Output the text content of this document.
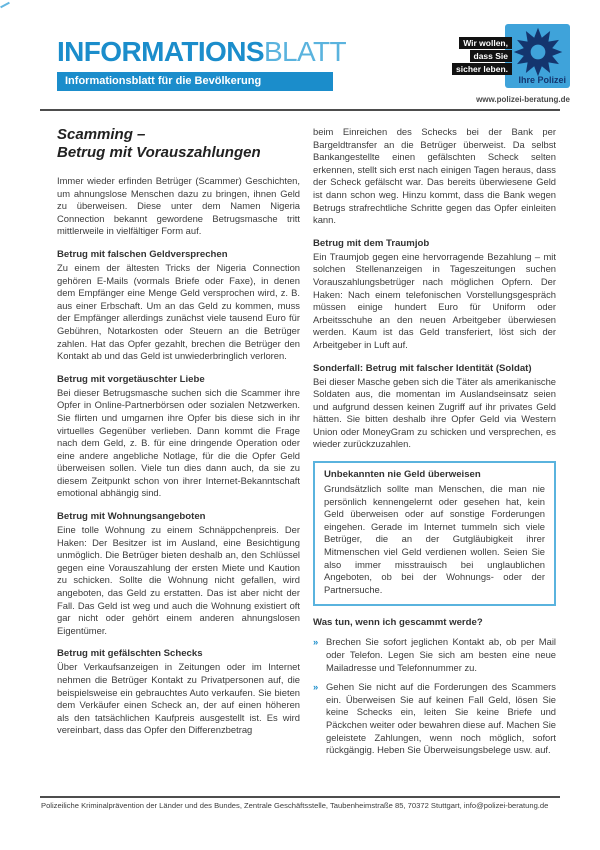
INFORMATIONSBLATT
Informationsblatt für die Bevölkerung	Ihre Polizei
Wir wollen,
dass Sie
sicher leben.
www.polizei-beratung.de
Scamming –
Betrug mit Vorauszahlungen

Immer wieder erfinden Betrüger (Scammer) Geschichten, um ahnungslose Menschen dazu zu bringen, ihnen Geld zu überweisen. Diese unter dem Namen Nigeria Connection bekannt gewordene Betrugsmasche tritt mittlerweile in vielfältiger Form auf.

Betrug mit falschen Geldversprechen

Zu einem der ältesten Tricks der Nigeria Connection gehören E-Mails (vormals Briefe oder Faxe), in denen dem Empfänger eine Menge Geld versprochen wird, z. B. aus einer Erbschaft. Um an das Geld zu kommen, muss der Empfänger allerdings zunächst viele tausend Euro für Gebühren, Notarkosten oder Steuern an die Betrüger zahlen. Hat das Opfer gezahlt, brechen die Betrüger den Kontakt ab und das Geld ist unwiederbringlich verloren.

Betrug mit vorgetäuschter Liebe

Bei dieser Betrugsmasche suchen sich die Scammer ihre Opfer in Online-Partnerbörsen oder sozialen Netzwerken. Sie flirten und umgarnen ihre Opfer bis diese sich in ihr virtuelles Gegenüber verlieben. Dann kommt die Frage nach dem Geld, z. B. für eine dringende Operation oder eine andere angebliche Notlage, für die die Opfer Geld überweisen sollen. Viele tun dies dann auch, da sie zu diesem Zeitpunkt schon von ihrer Internet-Bekanntschaft emotional abhängig sind.

Betrug mit Wohnungsangeboten

Eine tolle Wohnung zu einem Schnäppchenpreis. Der Haken: Der Besitzer ist im Ausland, eine Besichtigung unmöglich. Die Betrüger bieten deshalb an, den Schlüssel gegen eine Vorauszahlung der ersten Miete und Kaution zu schicken. Sollte die Wohnung nicht gefallen, wird angeboten, das Geld zu erstatten. Das ist aber nicht der Fall. Das Geld ist weg und auch die Wohnung existiert oft gar nicht oder gehört einem anderen ahnungslosen Eigentümer.

Betrug mit gefälschten Schecks

Über Verkaufsanzeigen in Zeitungen oder im Internet nehmen die Betrüger Kontakt zu Privatpersonen auf, die beispielsweise ein gebrauchtes Auto verkaufen. Sie bieten dem Verkäufer einen Scheck an, der auf einen höheren als den tatsächlichen Kaufpreis ausgestellt ist. Es wird vereinbart, dass das Opfer den Differenzbetrag

beim Einreichen des Schecks bei der Bank per Bargeldtransfer an die Betrüger überweist. Da selbst Bankangestellte einen gefälschten Scheck selten erkennen, stellt sich erst nach einigen Tagen heraus, dass der Scheck gefälscht war. Das bereits überwiesene Geld ist dann schon weg. Hinzu kommt, dass die Bank wegen Betrugs strafrechtliche Schritte gegen das Opfer einleiten kann.

Betrug mit dem Traumjob

Ein Traumjob gegen eine hervorragende Bezahlung – mit solchen Stellenanzeigen in Tageszeitungen suchen Vorauszahlungsbetrüger nach möglichen Opfern. Der Haken: Nach einem telefonischen Vorstellungsgespräch müssen einige hundert Euro für Uniform oder Arbeitsschuhe an den neuen Arbeitgeber überwiesen werden. Kaum ist das Geld transferiert, löst sich der Arbeitgeber in Luft auf.

Sonderfall: Betrug mit falscher Identität (Soldat)

Bei dieser Masche geben sich die Täter als amerikanische Soldaten aus, die momentan im Auslandseinsatz seien und aufgrund dessen keinen Zugriff auf ihr privates Geld hätten. Sie bitten deshalb ihre Opfer Geld via Western Union oder MoneyGram zu schicken und versprechen, es wieder zurückzuzahlen.

Unbekannten nie Geld überweisen

Grundsätzlich sollte man Menschen, die man nie persönlich kennengelernt oder gesehen hat, kein Geld überweisen oder auf sonstige Forderungen eingehen. Gerade im Internet tummeln sich viele Betrüger, die an der Gutgläubigkeit ihrer Mitmenschen viel Geld verdienen wollen. Seien Sie also immer misstrauisch bei unglaublichen Angeboten, ob bei der Wohnungs- oder der Partnersuche.

Was tun, wenn ich gescammt werde?
» Brechen Sie sofort jeglichen Kontakt ab, ob per Mail oder Telefon. Legen Sie sich am besten eine neue Mailadresse und Telefonnummer zu.
» Gehen Sie nicht auf die Forderungen des Scammers ein. Überweisen Sie auf keinen Fall Geld, lösen Sie keine Schecks ein, leiten Sie keine Briefe und Päckchen weiter oder bewahren diese auf. Machen Sie geleistete Zahlungen, wenn noch möglich, sofort rückgängig. Heben Sie Überweisungsbelege usw. auf.
Polizeiliche Kriminalprävention der Länder und des Bundes, Zentrale Geschäftsstelle, Taubenheimstraße 85, 70372 Stuttgart, info@polizei-beratung.de
